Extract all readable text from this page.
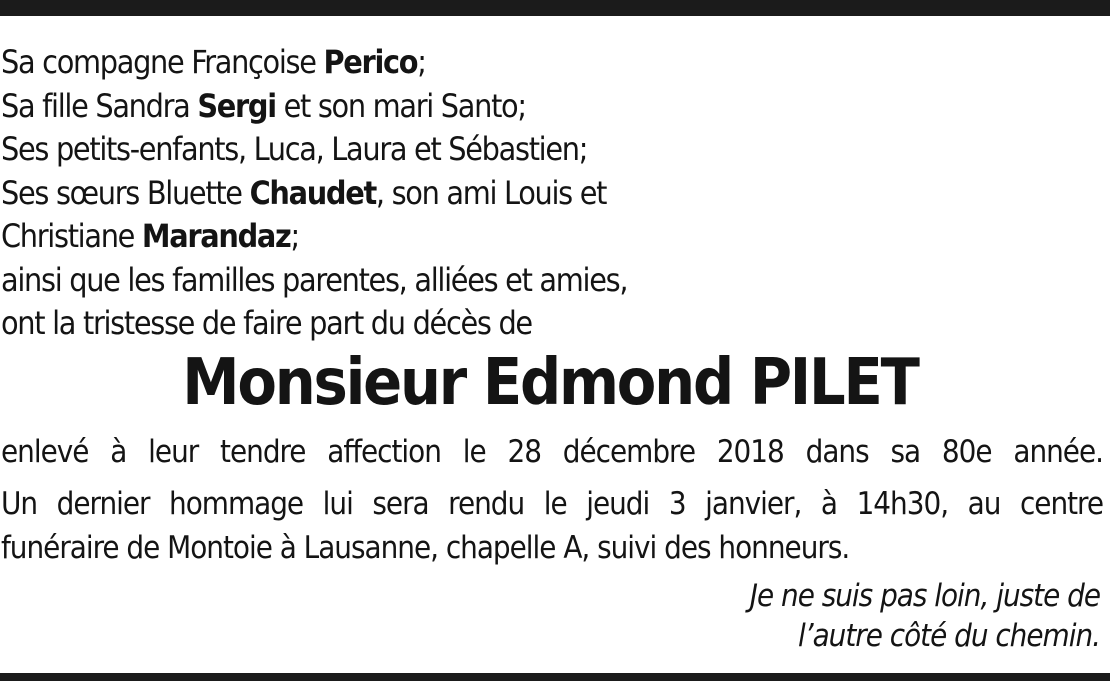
Sa compagne Françoise Perico;
Sa fille Sandra Sergi et son mari Santo;
Ses petits-enfants, Luca, Laura et Sébastien;
Ses sœurs Bluette Chaudet, son ami Louis et
Christiane Marandaz;
ainsi que les familles parentes, alliées et amies,
ont la tristesse de faire part du décès de
Monsieur Edmond PILET
enlevé à leur tendre affection le 28 décembre 2018 dans sa 80e année.
Un dernier hommage lui sera rendu le jeudi 3 janvier, à 14h30, au centre
funéraire de Montoie à Lausanne, chapelle A, suivi des honneurs.
Je ne suis pas loin, juste de
l’autre côté du chemin.
